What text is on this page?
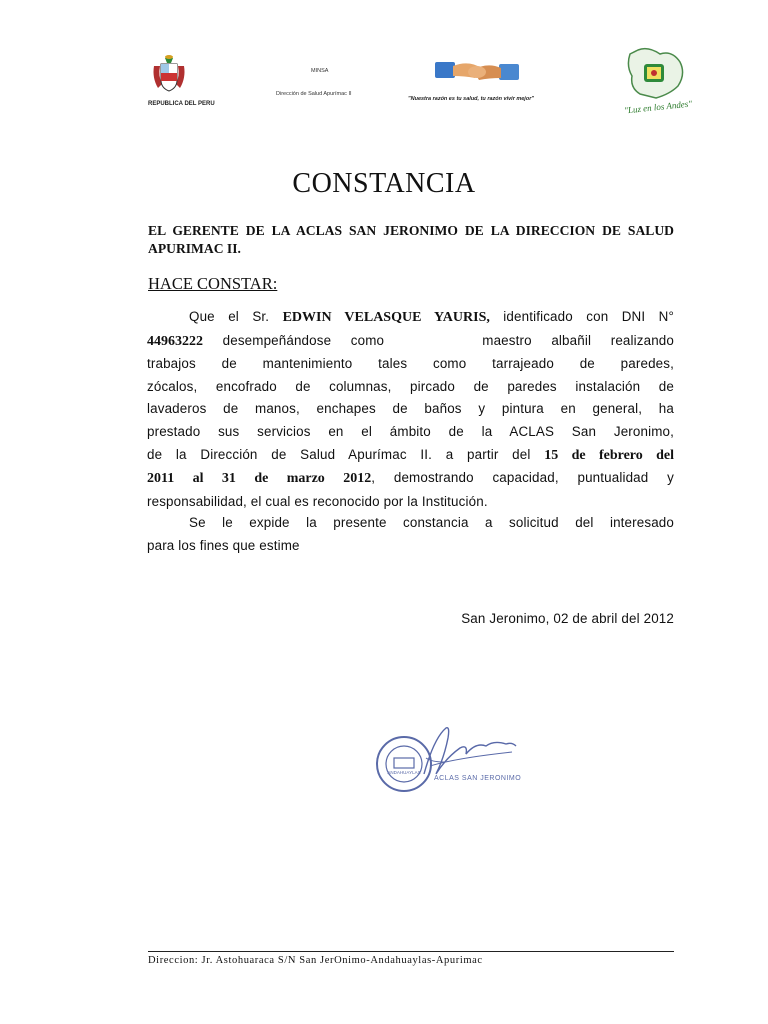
REPUBLICA DEL PERU
MINSA
Dirección de Salud Apurímac II
"Nuestra razón es tu salud, tu razón vivir mejor"	"Luz en los Andes"
CONSTANCIA
EL GERENTE DE LA ACLAS SAN JERONIMO DE LA DIRECCION DE SALUD APURIMAC II.
HACE CONSTAR:
Que el Sr. EDWIN VELASQUE YAURIS, identificado con DNI N°
44963222 desempeñándose como     maestro albañil realizando
trabajos de mantenimiento tales como tarrajeado de paredes,
zócalos, encofrado de columnas, pircado de paredes instalación de
lavaderos de manos, enchapes de baños y pintura en general, ha
prestado sus servicios en el ámbito de la ACLAS San Jeronimo,
de la Dirección de Salud Apurímac II. a partir del 15 de febrero del
2011 al 31 de marzo 2012, demostrando capacidad, puntualidad y
responsabilidad, el cual es reconocido por la Institución.
Se le expide la presente constancia a solicitud del interesado
para los fines que estime
San Jeronimo, 02 de abril del 2012
ANDAHUAYLAS
ACLAS SAN JERONIMO
Direccion: Jr. Astohuaraca S/N San JerOnimo-Andahuaylas-Apurimac
